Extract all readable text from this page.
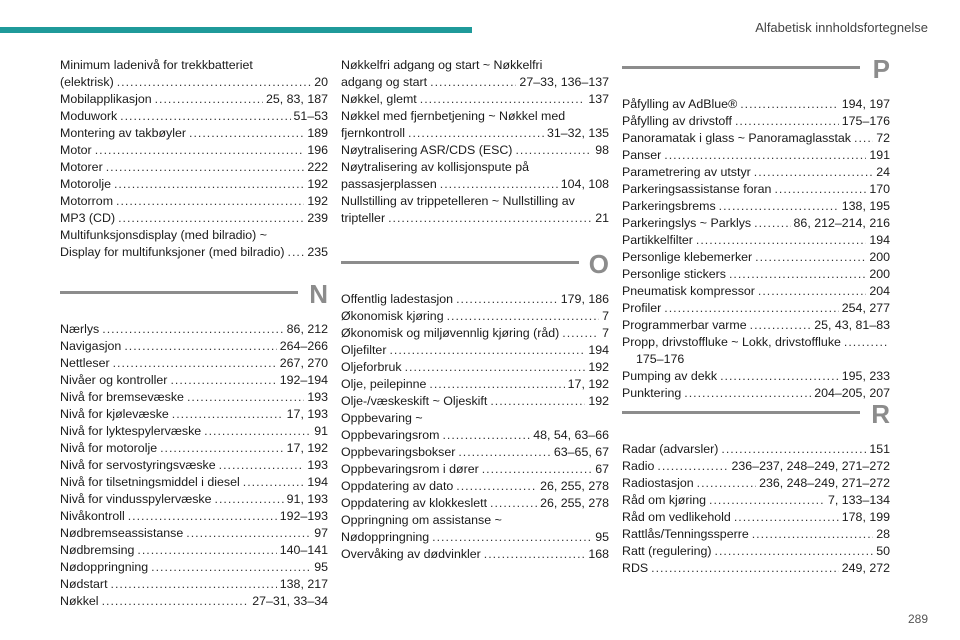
Alfabetisk innholdsfortegnelse
Minimum ladenivå for trekkbatteriet
(elektrisk) .....	20
Mobilapplikasjon .....	25, 83, 187
Moduwork .....	51–53
Montering av takbøyler .....	189
Motor .....	196
Motorer .....	222
Motorolje .....	192
Motorrom .....	192
MP3 (CD) .....	239
Multifunksjonsdisplay (med bilradio) ~
Display for multifunksjoner (med bilradio) ..... 235
N
Nærlys .....	86, 212
Navigasjon .....	264–266
Nettleser .....	267, 270
Nivåer og kontroller .....	192–194
Nivå for bremsevæske .....	193
Nivå for kjølevæske .....	17, 193
Nivå for lyktespylervæske .....	91
Nivå for motorolje .....	17, 192
Nivå for servostyringsvæske .....	193
Nivå for tilsetningsmiddel i diesel .....	194
Nivå for vindusspylervæske .....	91, 193
Nivåkontroll .....	192–193
Nødbremseassistanse .....	97
Nødbremsing .....	140–141
Nødoppringning .....	95
Nødstart .....	138, 217
Nøkkel .....	27–31, 33–34
Nøkkelfri adgang og start ~ Nøkkelfri
adgang og start .....	27–33, 136–137
Nøkkel, glemt .....	137
Nøkkel med fjernbetjening ~ Nøkkel med
fjernkontroll .....	31–32, 135
Nøytralisering ASR/CDS (ESC) .....	98
Nøytralisering av kollisjonspute på
passasjerplassen .....	104, 108
Nullstilling av trippetelleren ~ Nullstilling av
tripteller .....	21
O
Offentlig ladestasjon .....	179, 186
Økonomisk kjøring .....	7
Økonomisk og miljøvennlig kjøring (råd) .....	7
Oljefilter .....	194
Oljeforbruk .....	192
Olje, peilepinne .....	17, 192
Olje-/væskeskift ~ Oljeskift .....	192
Oppbevaring ~
Oppbevaringsrom .....	48, 54, 63–66
Oppbevaringsbokser .....	63–65, 67
Oppbevaringsrom i dører .....	67
Oppdatering av dato .....	26, 255, 278
Oppdatering av klokkeslett .....	26, 255, 278
Oppringning om assistanse ~
Nødoppringning .....	95
Overvåking av dødvinkler .....	168
P
Påfylling av AdBlue® .....	194, 197
Påfylling av drivstoff .....	175–176
Panoramatak i glass ~ Panoramaglasstak ..... 72
Panser .....	191
Parametrering av utstyr .....	24
Parkeringsassistanse foran .....	170
Parkeringsbrems .....	138, 195
Parkeringslys ~ Parklys .....	86, 212–214, 216
Partikkelfilter .....	194
Personlige klebemerker .....	200
Personlige stickers .....	200
Pneumatisk kompressor .....	204
Profiler .....	254, 277
Programmerbar varme .....	25, 43, 81–83
Propp, drivstofflukе ~ Lokk, drivstoffluke
.....
175–176
Pumping av dekk .....	195, 233
Punktering .....	204–205, 207
R
Radar (advarsler) .....	151
Radio .....	236–237, 248–249, 271–272
Radiostasjon .....	236, 248–249, 271–272
Råd om kjøring .....	7, 133–134
Råd om vedlikehold .....	178, 199
Rattlås/Tenningssperre .....	28
Ratt (regulering) .....	50
RDS .....	249, 272
289
